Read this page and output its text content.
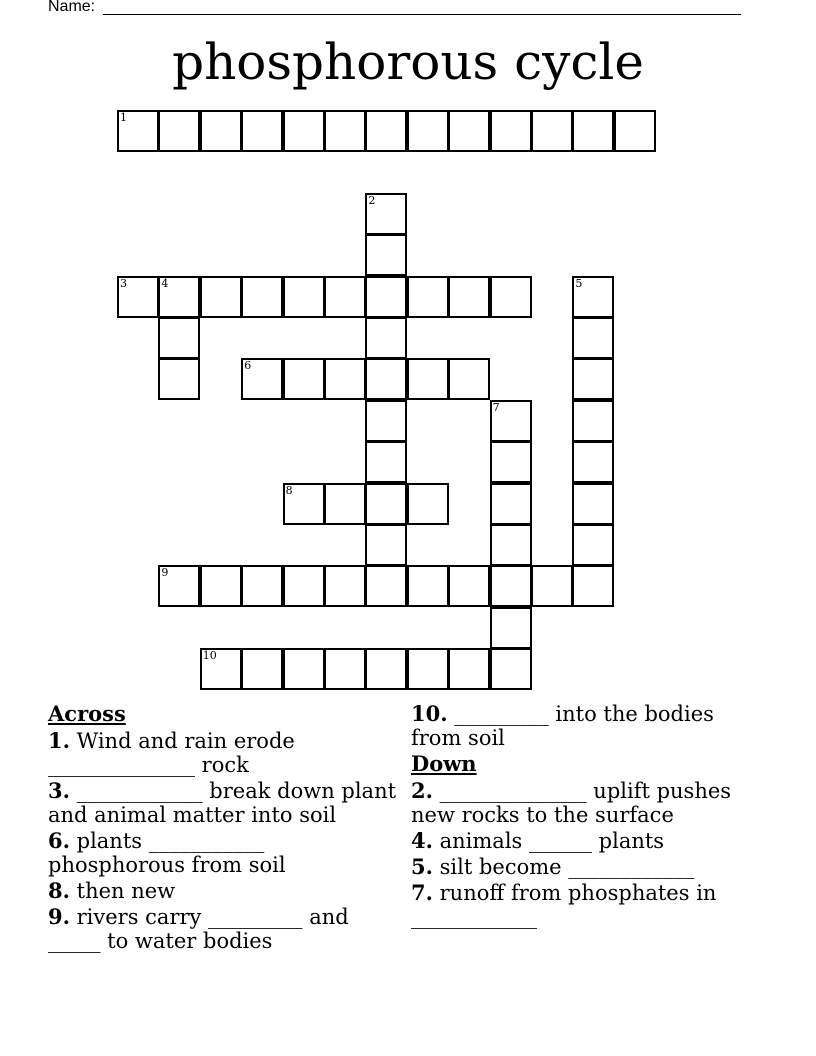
Name:
phosphorous cycle
1
2
3	4	5
6
7
8
9
10
Across
1. Wind and rain erode ______________ rock
3. ____________ break down plant and animal matter into soil
6. plants ___________ phosphorous from soil
8. then new
9. rivers carry _________ and _____ to water bodies
10. _________ into the bodies from soil
Down
2. ______________ uplift pushes new rocks to the surface
4. animals ______ plants
5. silt become ____________
7. runoff from phosphates in ____________
